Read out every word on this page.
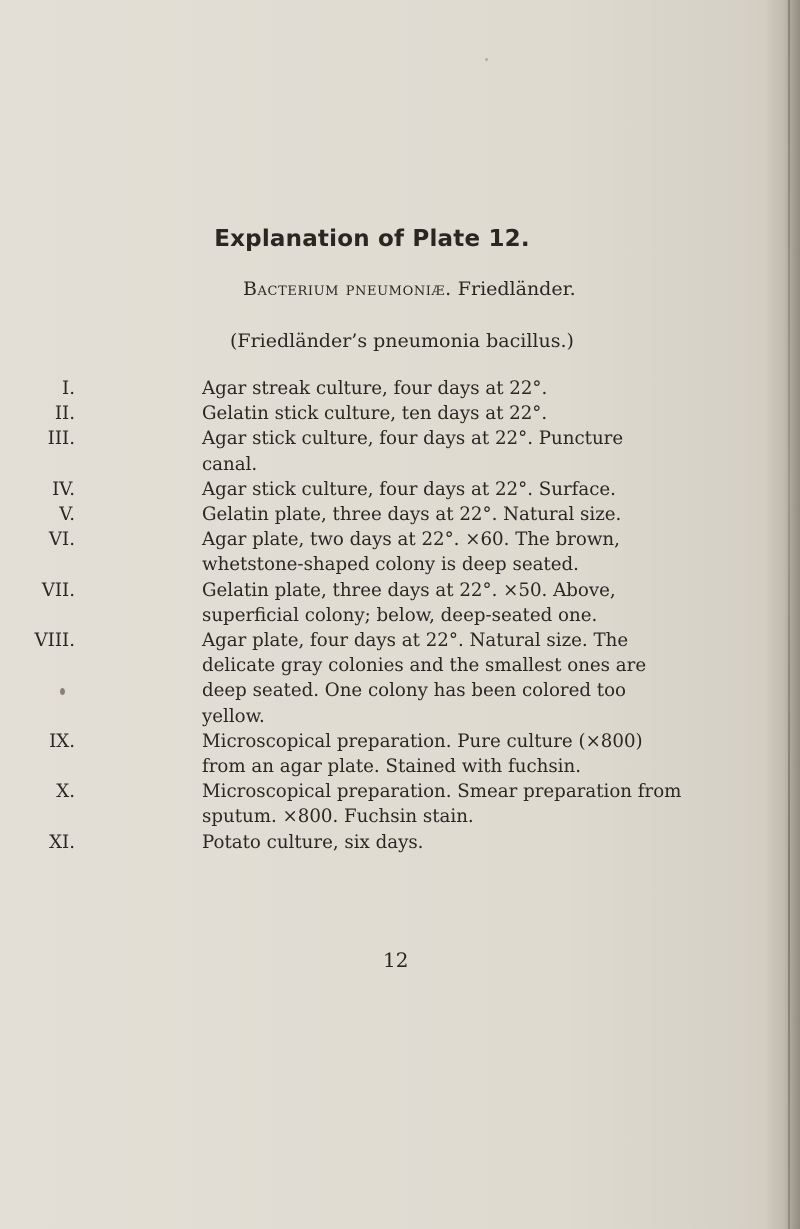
Explanation of Plate 12.

Bacterium pneumoniæ. Friedländer.

(Friedländer’s pneumonia bacillus.)

I.	Agar streak culture, four days at 22°.
II.	Gelatin stick culture, ten days at 22°.
III.	Agar stick culture, four days at 22°. Puncture canal.
IV.	Agar stick culture, four days at 22°. Surface.
V.	Gelatin plate, three days at 22°. Natural size.
VI.	Agar plate, two days at 22°. ×60. The brown, whetstone-shaped colony is deep seated.
VII.	Gelatin plate, three days at 22°. ×50. Above, superficial colony; below, deep-seated one.
VIII.	Agar plate, four days at 22°. Natural size. The delicate gray colonies and the smallest ones are deep seated. One colony has been colored too yellow.
IX.	Microscopical preparation. Pure culture (×800) from an agar plate. Stained with fuchsin.
X.	Microscopical preparation. Smear preparation from sputum. ×800. Fuchsin stain.
XI.	Potato culture, six days.

12
